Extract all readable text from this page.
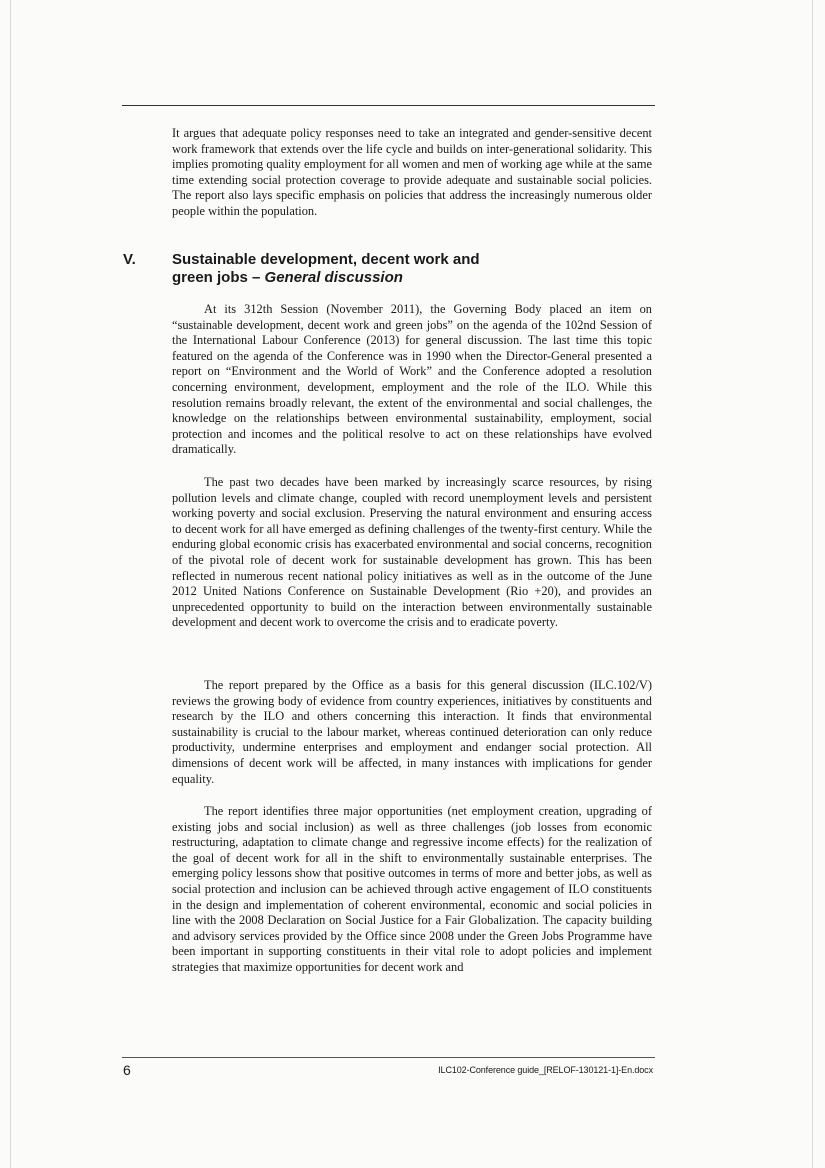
It argues that adequate policy responses need to take an integrated and gender-sensitive decent work framework that extends over the life cycle and builds on inter-generational solidarity. This implies promoting quality employment for all women and men of working age while at the same time extending social protection coverage to provide adequate and sustainable social policies. The report also lays specific emphasis on policies that address the increasingly numerous older people within the population.

V. Sustainable development, decent work and
green jobs – General discussion

At its 312th Session (November 2011), the Governing Body placed an item on “sustainable development, decent work and green jobs” on the agenda of the 102nd Session of the International Labour Conference (2013) for general discussion. The last time this topic featured on the agenda of the Conference was in 1990 when the Director-General presented a report on “Environment and the World of Work” and the Conference adopted a resolution concerning environment, development, employment and the role of the ILO. While this resolution remains broadly relevant, the extent of the environmental and social challenges, the knowledge on the relationships between environmental sustainability, employment, social protection and incomes and the political resolve to act on these relationships have evolved dramatically.

The past two decades have been marked by increasingly scarce resources, by rising pollution levels and climate change, coupled with record unemployment levels and persistent working poverty and social exclusion. Preserving the natural environment and ensuring access to decent work for all have emerged as defining challenges of the twenty-first century. While the enduring global economic crisis has exacerbated environmental and social concerns, recognition of the pivotal role of decent work for sustainable development has grown. This has been reflected in numerous recent national policy initiatives as well as in the outcome of the June 2012 United Nations Conference on Sustainable Development (Rio +20), and provides an unprecedented opportunity to build on the interaction between environmentally sustainable development and decent work to overcome the crisis and to eradicate poverty.

The report prepared by the Office as a basis for this general discussion (ILC.102/V) reviews the growing body of evidence from country experiences, initiatives by constituents and research by the ILO and others concerning this interaction. It finds that environmental sustainability is crucial to the labour market, whereas continued deterioration can only reduce productivity, undermine enterprises and employment and endanger social protection. All dimensions of decent work will be affected, in many instances with implications for gender equality.

The report identifies three major opportunities (net employment creation, upgrading of existing jobs and social inclusion) as well as three challenges (job losses from economic restructuring, adaptation to climate change and regressive income effects) for the realization of the goal of decent work for all in the shift to environmentally sustainable enterprises. The emerging policy lessons show that positive outcomes in terms of more and better jobs, as well as social protection and inclusion can be achieved through active engagement of ILO constituents in the design and implementation of coherent environmental, economic and social policies in line with the 2008 Declaration on Social Justice for a Fair Globalization. The capacity building and advisory services provided by the Office since 2008 under the Green Jobs Programme have been important in supporting constituents in their vital role to adopt policies and implement strategies that maximize opportunities for decent work and

6	ILC102-Conference guide_[RELOF-130121-1]-En.docx
